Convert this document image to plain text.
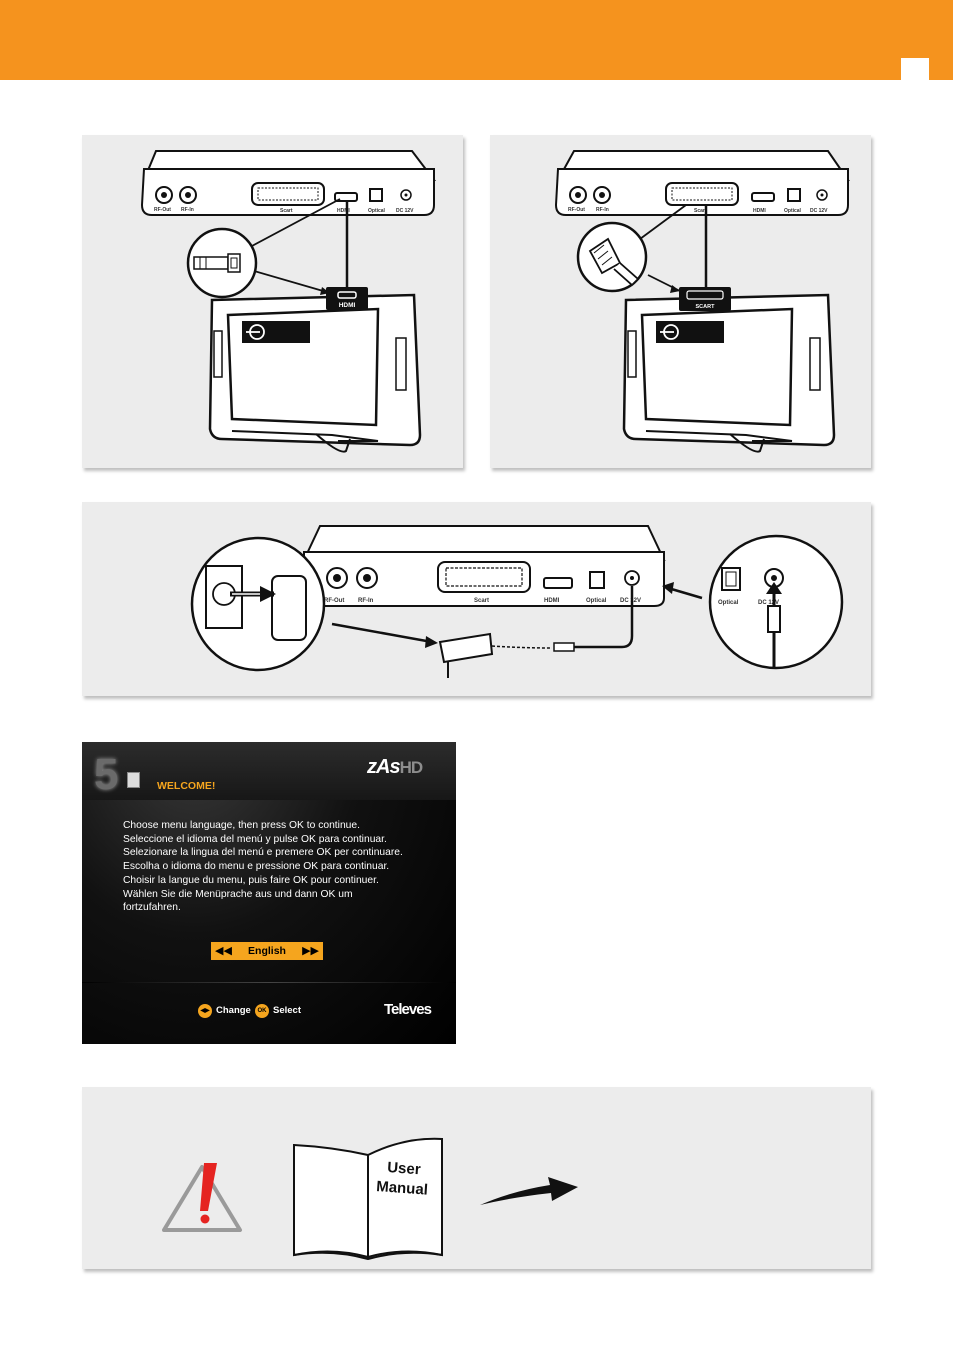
RF-Out RF-In	Scart	HDMI	Optical DC 12V
HDMI
RF-Out RF-In	Scart	HDMI	Optical DC 12V
SCART
RF-Out RF-In	Scart	HDMI	Optical DC 12V	Optical	DC 12V
5	WELCOME!
zAsHD
Choose menu language, then press OK to continue.
Seleccione el idioma del menú y pulse OK para continuar.
Selezionare la lingua del menú e premere OK per continuare.
Escolha o idioma do menu e pressione OK para continuar.
Choisir la langue du menu, puis faire OK pour continuer.
Wählen Sie die Menüprache aus und dann OK um
fortzufahren.
◀◀	English	▶▶
◀▶ Change	OK Select	Televes
User
Manual
